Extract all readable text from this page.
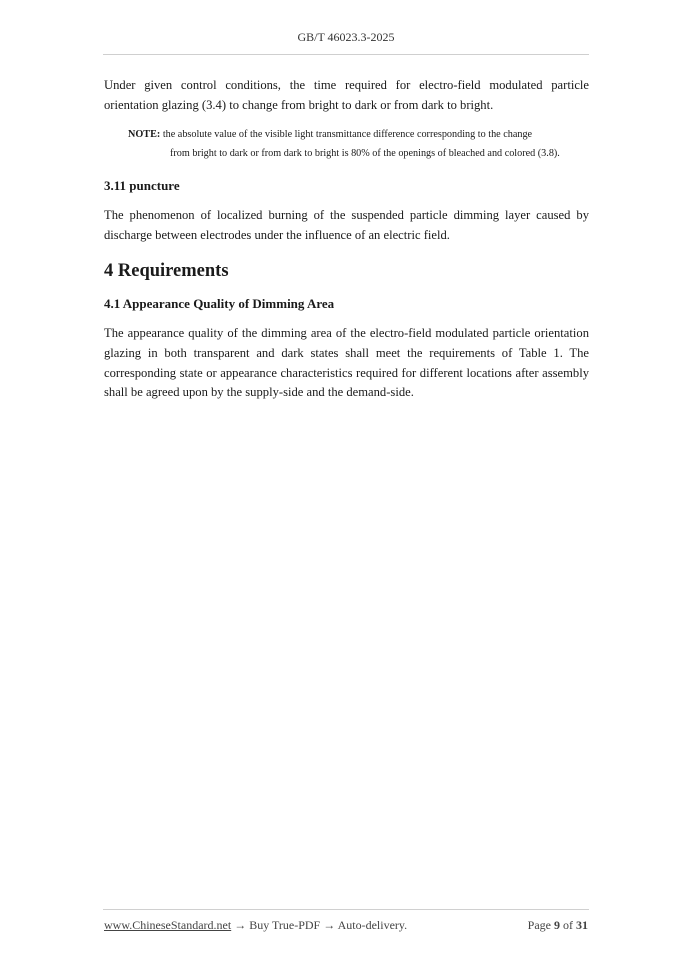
GB/T 46023.3-2025

Under given control conditions, the time required for electro-field modulated particle orientation glazing (3.4) to change from bright to dark or from dark to bright.

NOTE: the absolute value of the visible light transmittance difference corresponding to the change
from bright to dark or from dark to bright is 80% of the openings of bleached and colored (3.8).
3.11 puncture

The phenomenon of localized burning of the suspended particle dimming layer caused by discharge between electrodes under the influence of an electric field.

4 Requirements
4.1 Appearance Quality of Dimming Area

The appearance quality of the dimming area of the electro-field modulated particle orientation glazing in both transparent and dark states shall meet the requirements of Table 1. The corresponding state or appearance characteristics required for different locations after assembly shall be agreed upon by the supply-side and the demand-side.

www.ChineseStandard.net → Buy True-PDF → Auto-delivery.	Page 9 of 31
